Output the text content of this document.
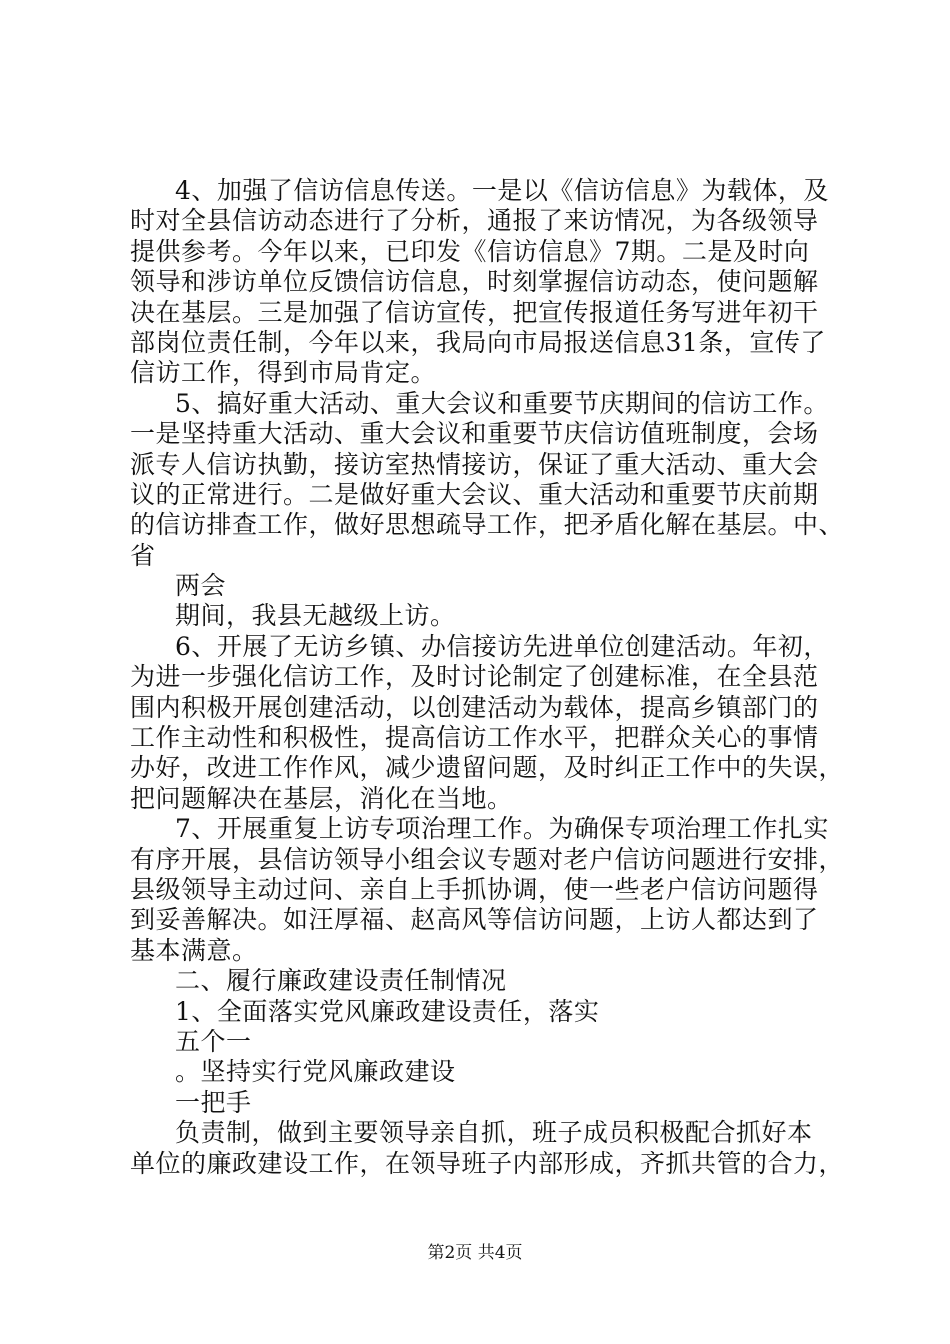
4、加强了信访信息传送。一是以《信访信息》为载体，及
时对全县信访动态进行了分析，通报了来访情况，为各级领导
提供参考。今年以来，已印发《信访信息》7期。二是及时向
领导和涉访单位反馈信访信息，时刻掌握信访动态，使问题解
决在基层。三是加强了信访宣传，把宣传报道任务写进年初干
部岗位责任制，今年以来，我局向市局报送信息31条，宣传了
信访工作，得到市局肯定。
5、搞好重大活动、重大会议和重要节庆期间的信访工作。
一是坚持重大活动、重大会议和重要节庆信访值班制度，会场
派专人信访执勤，接访室热情接访，保证了重大活动、重大会
议的正常进行。二是做好重大会议、重大活动和重要节庆前期
的信访排查工作，做好思想疏导工作，把矛盾化解在基层。中、
省
两会
期间，我县无越级上访。
6、开展了无访乡镇、办信接访先进单位创建活动。年初，
为进一步强化信访工作，及时讨论制定了创建标准，在全县范
围内积极开展创建活动，以创建活动为载体，提高乡镇部门的
工作主动性和积极性，提高信访工作水平，把群众关心的事情
办好，改进工作作风，减少遗留问题，及时纠正工作中的失误，
把问题解决在基层，消化在当地。
7、开展重复上访专项治理工作。为确保专项治理工作扎实
有序开展，县信访领导小组会议专题对老户信访问题进行安排，
县级领导主动过问、亲自上手抓协调，使一些老户信访问题得
到妥善解决。如汪厚福、赵高风等信访问题，上访人都达到了
基本满意。
二、履行廉政建设责任制情况
1、全面落实党风廉政建设责任，落实
五个一
。坚持实行党风廉政建设
一把手
负责制，做到主要领导亲自抓，班子成员积极配合抓好本
单位的廉政建设工作，在领导班子内部形成，齐抓共管的合力，
第2页 共4页
